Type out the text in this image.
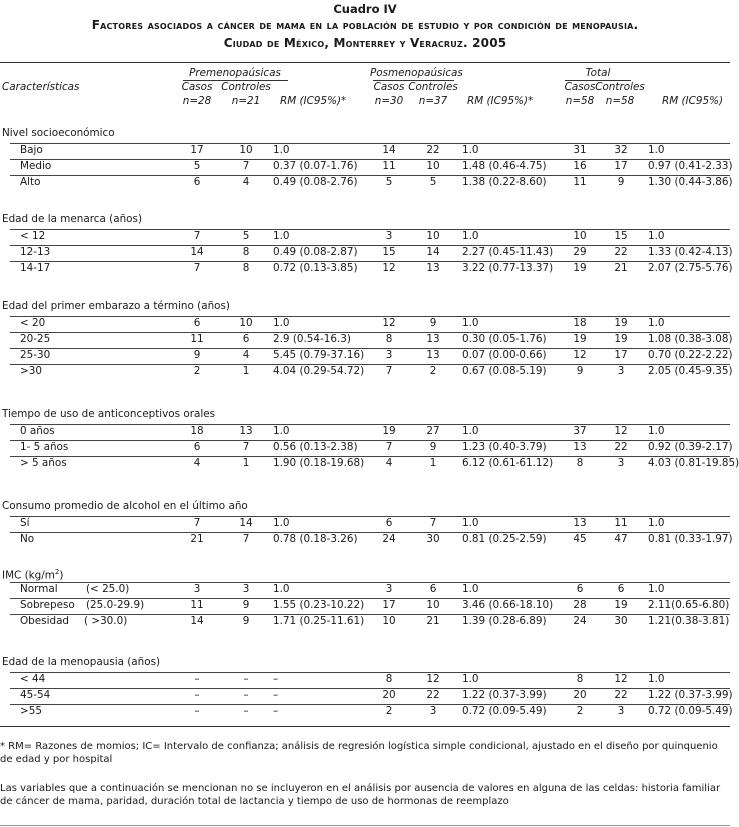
Cuadro IV
Factores asociados a cáncer de mama en la población de estudio y por condición de menopausia.
Ciudad de México, Monterrey y Veracruz. 2005
Características
Premenopaúsicas
Casos Controles
n=28	n=21	RM (IC95%)*
Posmenopaúsicas
Casos Controles
n=30	n=37	RM (IC95%)*
Total
Casos Controles
n=58	n=58	RM (IC95%)
Nivel socioeconómico
Bajo	17	10	1.0	14	22	1.0	31	32	1.0
Medio	5	7	0.37 (0.07-1.76)	11	10	1.48 (0.46-4.75)	16	17	0.97 (0.41-2.33)
Alto	6	4	0.49 (0.08-2.76)	5	5	1.38 (0.22-8.60)	11	9	1.30 (0.44-3.86)
Edad de la menarca (años)
< 12	7	5	1.0	3	10	1.0	10	15	1.0
12-13	14	8	0.49 (0.08-2.87)	15	14	2.27 (0.45-11.43)	29	22	1.33 (0.42-4.13)
14-17	7	8	0.72 (0.13-3.85)	12	13	3.22 (0.77-13.37)	19	21	2.07 (2.75-5.76)
Edad del primer embarazo a término (años)
< 20	6	10	1.0	12	9	1.0	18	19	1.0
20-25	11	6	2.9 (0.54-16.3)	8	13	0.30 (0.05-1.76)	19	19	1.08 (0.38-3.08)
25-30	9	4	5.45 (0.79-37.16)	3	13	0.07 (0.00-0.66)	12	17	0.70 (0.22-2.22)
>30	2	1	4.04 (0.29-54.72)	7	2	0.67 (0.08-5.19)	9	3	2.05 (0.45-9.35)
Tiempo de uso de anticonceptivos orales
0 años	18	13	1.0	19	27	1.0	37	12	1.0
1- 5 años	6	7	0.56 (0.13-2.38)	7	9	1.23 (0.40-3.79)	13	22	0.92 (0.39-2.17)
> 5 años	4	1	1.90 (0.18-19.68)	4	1	6.12 (0.61-61.12)	8	3	4.03 (0.81-19.85)
Consumo promedio de alcohol en el último año
Sí	7	14	1.0	6	7	1.0	13	11	1.0
No	21	7	0.78 (0.18-3.26)	24	30	0.81 (0.25-2.59)	45	47	0.81 (0.33-1.97)
IMC $(kg/m^2)$
Normal	(< 25.0)	3	3	1.0	3	6	1.0	6	6	1.0
Sobrepeso (25.0-29.9)	11	9	1.55 (0.23-10.22)	17	10	3.46 (0.66-18.10)	28	19	2.11(0.65-6.80)
Obesidad ( >30.0)	14	9	1.71 (0.25-11.61)	10	21	1.39 (0.28-6.89)	24	30	1.21(0.38-3.81)
Edad de la menopausia (años)
< 44	–	–	–	8	12	1.0	8	12	1.0
45-54	–	–	–	20	22	1.22 (0.37-3.99)	20	22	1.22 (0.37-3.99)
>55	–	–	–	2	3	0.72 (0.09-5.49)	2	3	0.72 (0.09-5.49)
* RM= Razones de momios; IC= Intervalo de confianza; análisis de regresión logística simple condicional, ajustado en el diseño por quinquenio de edad y por hospital
Las variables que a continuación se mencionan no se incluyeron en el análisis por ausencia de valores en alguna de las celdas: historia familiar de cáncer de mama, paridad, duración total de lactancia y tiempo de uso de hormonas de reemplazo
